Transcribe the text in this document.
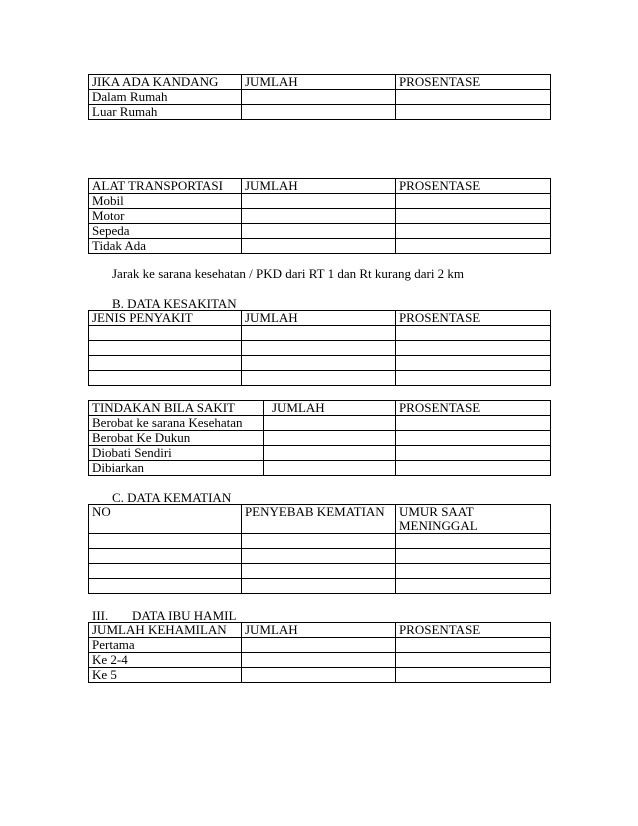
JIKA ADA KANDANG	JUMLAH	PROSENTASE
Dalam Rumah		
Luar Rumah		
ALAT TRANSPORTASI	JUMLAH	PROSENTASE
Mobil		
Motor		
Sepeda		
Tidak Ada		
Jarak ke sarana kesehatan / PKD dari RT 1 dan Rt kurang dari 2 km
B. DATA KESAKITAN
JENIS PENYAKIT	JUMLAH	PROSENTASE

TINDAKAN BILA SAKIT	JUMLAH	PROSENTASE
Berobat ke sarana Kesehatan		
Berobat Ke Dukun		
Diobati Sendiri		
Dibiarkan		
C. DATA KEMATIAN
NO	PENYEBAB KEMATIAN	UMUR SAAT MENINGGAL

III. DATA IBU HAMIL
JUMLAH KEHAMILAN	JUMLAH	PROSENTASE
Pertama		
Ke 2-4		
Ke 5		
